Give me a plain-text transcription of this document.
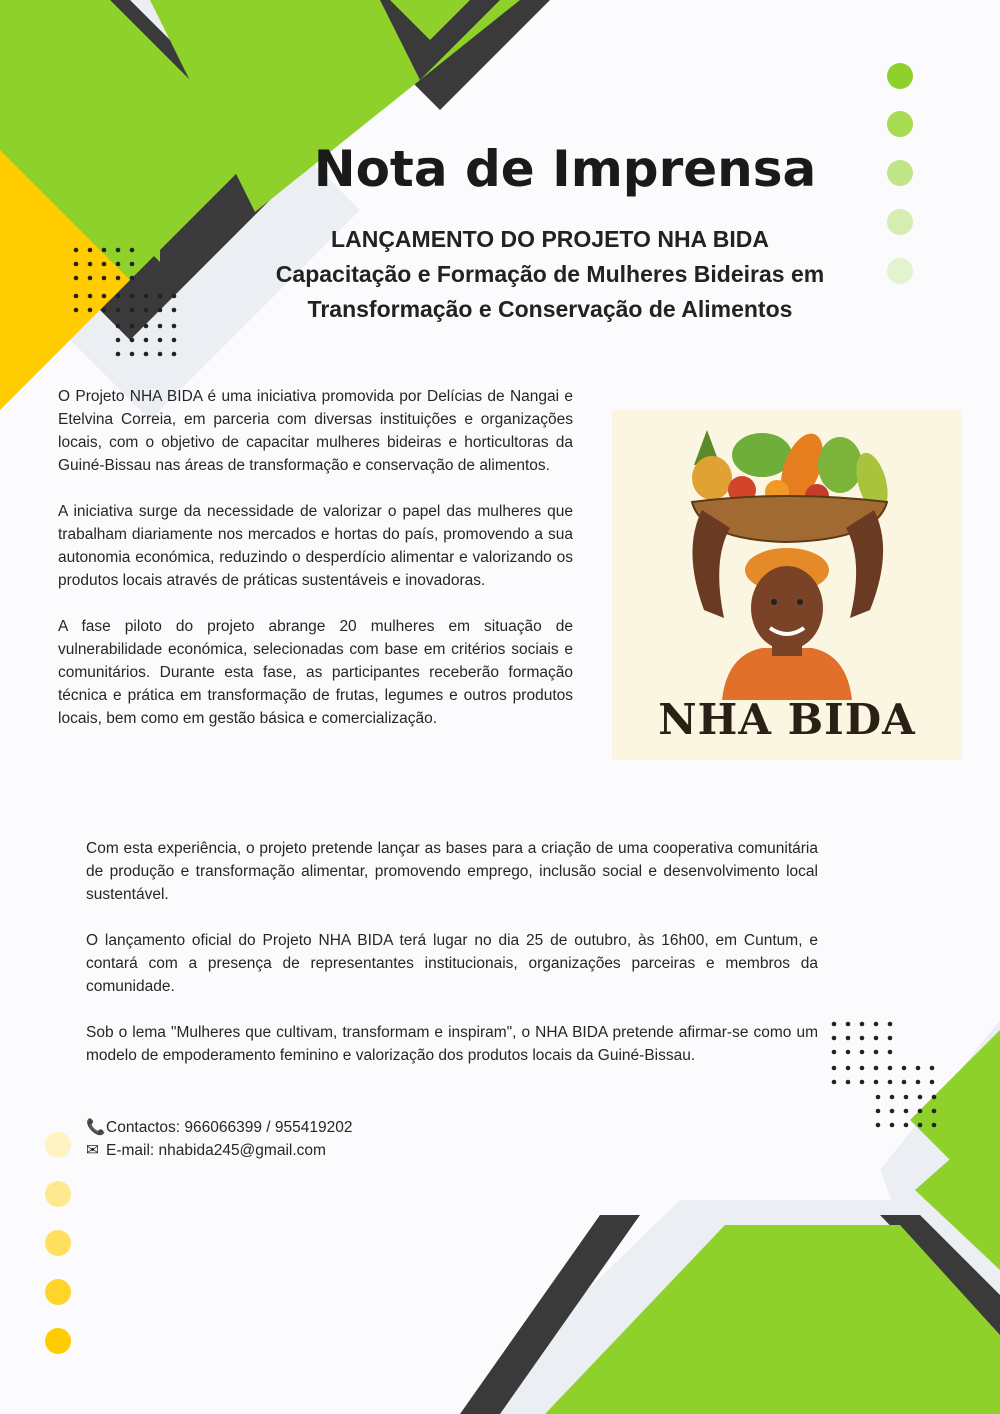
Nota de Imprensa
LANÇAMENTO DO PROJETO NHA BIDA
Capacitação e Formação de Mulheres Bideiras em
Transformação e Conservação de Alimentos

O Projeto NHA BIDA é uma iniciativa promovida por Delícias de Nangai e Etelvina Correia, em parceria com diversas instituições e organizações locais, com o objetivo de capacitar mulheres bideiras e horticultoras da Guiné-Bissau nas áreas de transformação e conservação de alimentos.

A iniciativa surge da necessidade de valorizar o papel das mulheres que trabalham diariamente nos mercados e hortas do país, promovendo a sua autonomia económica, reduzindo o desperdício alimentar e valorizando os produtos locais através de práticas sustentáveis e inovadoras.

A fase piloto do projeto abrange 20 mulheres em situação de vulnerabilidade económica, selecionadas com base em critérios sociais e comunitários. Durante esta fase, as participantes receberão formação técnica e prática em transformação de frutas, legumes e outros produtos locais, bem como em gestão básica e comercialização.	NHA BIDA

Com esta experiência, o projeto pretende lançar as bases para a criação de uma cooperativa comunitária de produção e transformação alimentar, promovendo emprego, inclusão social e desenvolvimento local sustentável.

O lançamento oficial do Projeto NHA BIDA terá lugar no dia 25 de outubro, às 16h00, em Cuntum, e contará com a presença de representantes institucionais, organizações parceiras e membros da comunidade.

Sob o lema "Mulheres que cultivam, transformam e inspiram", o NHA BIDA pretende afirmar-se como um modelo de empoderamento feminino e valorização dos produtos locais da Guiné-Bissau.

📞Contactos: 966066399 / 955419202
✉ E-mail: nhabida245@gmail.com
